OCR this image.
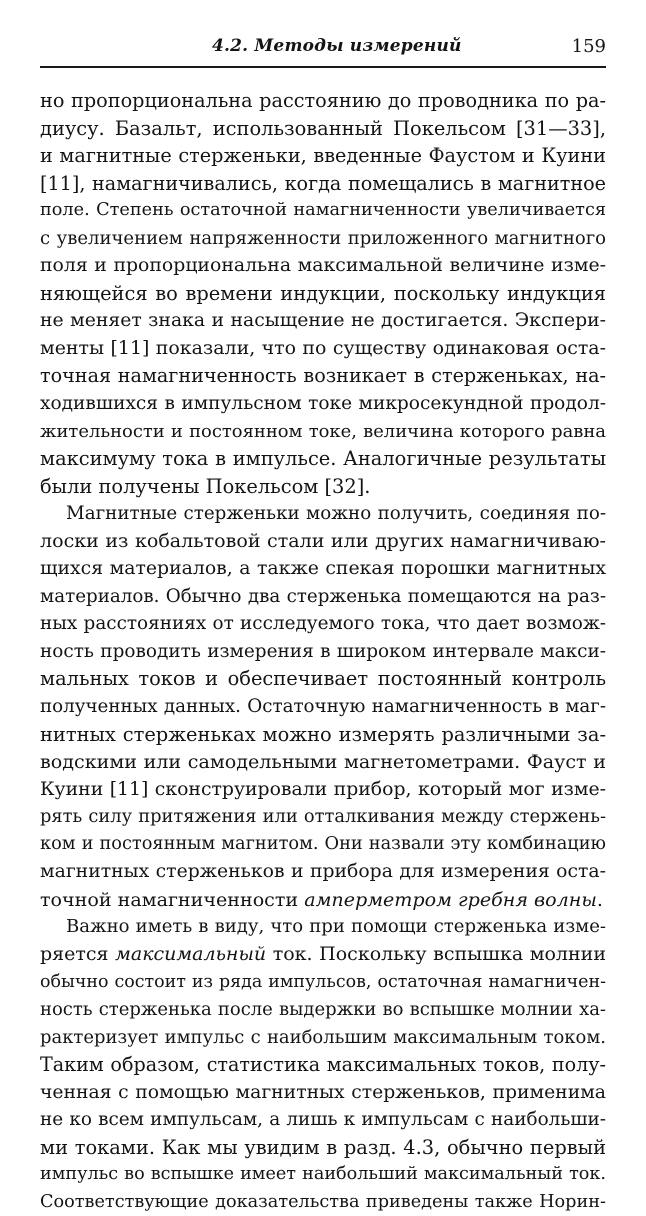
4.2. Методы измерений	159
но пропорциональна расстоянию до проводника по ра-
диусу. Базальт, использованный Покельсом [31—33],
и магнитные стерженьки, введенные Фаустом и Куини
[11], намагничивались, когда помещались в магнитное
поле. Степень остаточной намагниченности увеличивается
с увеличением напряженности приложенного магнитного
поля и пропорциональна максимальной величине изме-
няющейся во времени индукции, поскольку индукция
не меняет знака и насыщение не достигается. Экспери-
менты [11] показали, что по существу одинаковая оста-
точная намагниченность возникает в стерженьках, на-
ходившихся в импульсном токе микросекундной продол-
жительности и постоянном токе, величина которого равна
максимуму тока в импульсе. Аналогичные результаты
были получены Покельсом [32].
Магнитные стерженьки можно получить, соединяя по-
лоски из кобальтовой стали или других намагничиваю-
щихся материалов, а также спекая порошки магнитных
материалов. Обычно два стерженька помещаются на раз-
ных расстояниях от исследуемого тока, что дает возмож-
ность проводить измерения в широком интервале макси-
мальных токов и обеспечивает постоянный контроль
полученных данных. Остаточную намагниченность в маг-
нитных стерженьках можно измерять различными за-
водскими или самодельными магнетометрами. Фауст и
Куини [11] сконструировали прибор, который мог изме-
рять силу притяжения или отталкивания между стержень-
ком и постоянным магнитом. Они назвали эту комбинацию
магнитных стерженьков и прибора для измерения оста-
точной намагниченности амперметром гребня волны.
Важно иметь в виду, что при помощи стерженька изме-
ряется максимальный ток. Поскольку вспышка молнии
обычно состоит из ряда импульсов, остаточная намагничен-
ность стерженька после выдержки во вспышке молнии ха-
рактеризует импульс с наибольшим максимальным током.
Таким образом, статистика максимальных токов, полу-
ченная с помощью магнитных стерженьков, применима
не ко всем импульсам, а лишь к импульсам с наибольши-
ми токами. Как мы увидим в разд. 4.3, обычно первый
импульс во вспышке имеет наибольший максимальный ток.
Соответствующие доказательства приведены также Норин-
